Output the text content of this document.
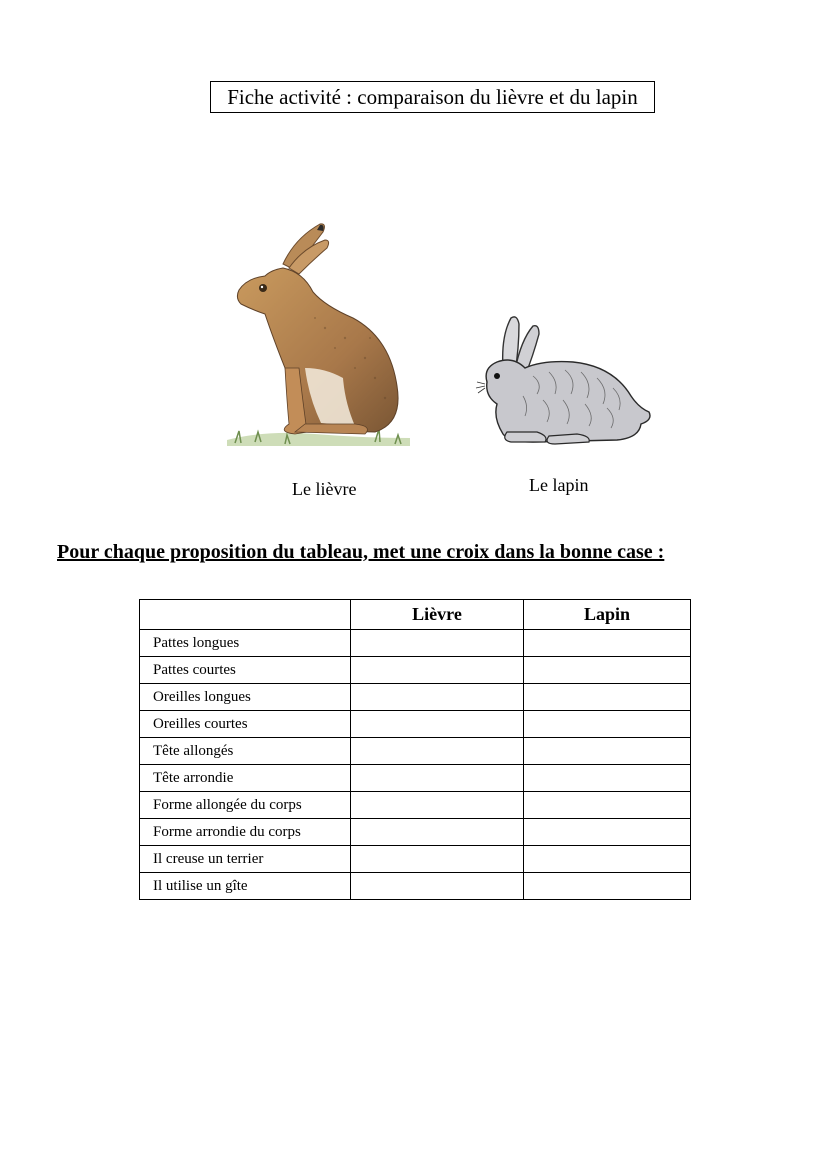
Fiche activité : comparaison du lièvre et du lapin
Le lièvre	Le lapin
Pour chaque proposition du tableau, met une croix dans la bonne case :
	Lièvre	Lapin
Pattes longues		
Pattes courtes		
Oreilles longues		
Oreilles courtes		
Tête allongés		
Tête arrondie		
Forme allongée du corps		
Forme arrondie du corps		
Il creuse un terrier		
Il utilise un gîte		
